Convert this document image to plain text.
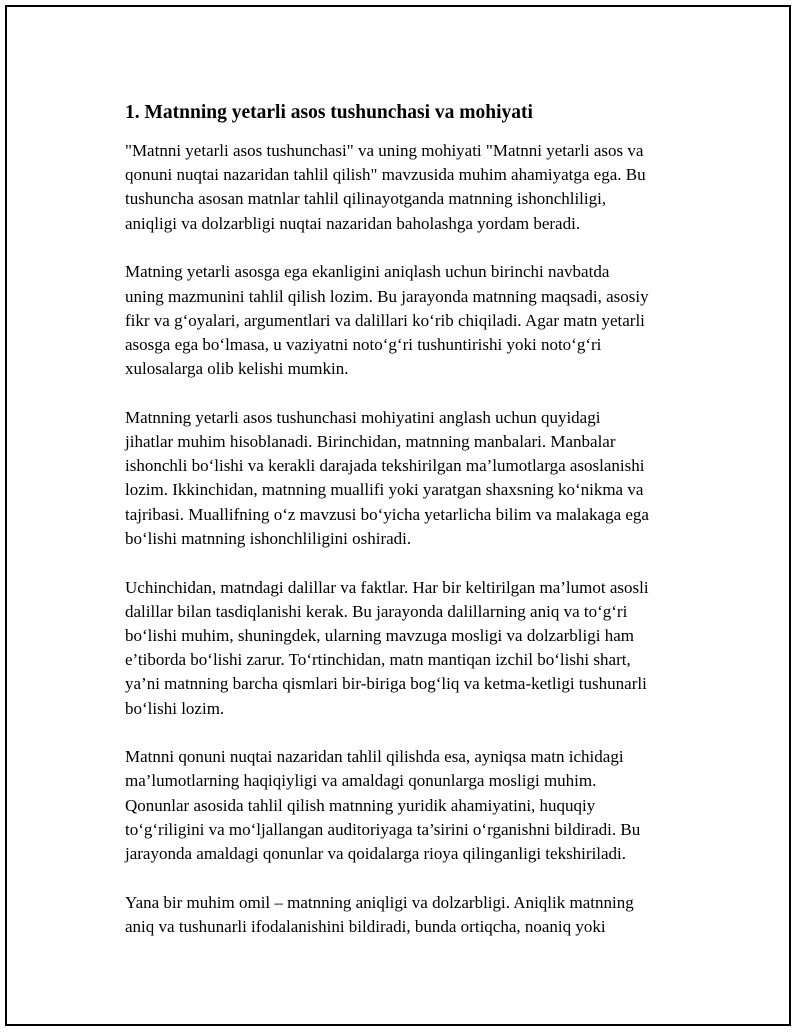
1. Matnning yetarli asos tushunchasi va mohiyati
"Matnni yetarli asos tushunchasi" va uning mohiyati "Matnni yetarli asos va
qonuni nuqtai nazaridan tahlil qilish" mavzusida muhim ahamiyatga ega. Bu
tushuncha asosan matnlar tahlil qilinayotganda matnning ishonchliligi,
aniqligi va dolzarbligi nuqtai nazaridan baholashga yordam beradi.
Matning yetarli asosga ega ekanligini aniqlash uchun birinchi navbatda
uning mazmunini tahlil qilish lozim. Bu jarayonda matnning maqsadi, asosiy
fikr va g‘oyalari, argumentlari va dalillari ko‘rib chiqiladi. Agar matn yetarli
asosga ega bo‘lmasa, u vaziyatni noto‘g‘ri tushuntirishi yoki noto‘g‘ri
xulosalarga olib kelishi mumkin.
Matnning yetarli asos tushunchasi mohiyatini anglash uchun quyidagi
jihatlar muhim hisoblanadi. Birinchidan, matnning manbalari. Manbalar
ishonchli bo‘lishi va kerakli darajada tekshirilgan ma’lumotlarga asoslanishi
lozim. Ikkinchidan, matnning muallifi yoki yaratgan shaxsning ko‘nikma va
tajribasi. Muallifning o‘z mavzusi bo‘yicha yetarlicha bilim va malakaga ega
bo‘lishi matnning ishonchliligini oshiradi.
Uchinchidan, matndagi dalillar va faktlar. Har bir keltirilgan ma’lumot asosli
dalillar bilan tasdiqlanishi kerak. Bu jarayonda dalillarning aniq va to‘g‘ri
bo‘lishi muhim, shuningdek, ularning mavzuga mosligi va dolzarbligi ham
e’tiborda bo‘lishi zarur. To‘rtinchidan, matn mantiqan izchil bo‘lishi shart,
ya’ni matnning barcha qismlari bir-biriga bog‘liq va ketma-ketligi tushunarli
bo‘lishi lozim.
Matnni qonuni nuqtai nazaridan tahlil qilishda esa, ayniqsa matn ichidagi
ma’lumotlarning haqiqiyligi va amaldagi qonunlarga mosligi muhim.
Qonunlar asosida tahlil qilish matnning yuridik ahamiyatini, huquqiy
to‘g‘riligini va mo‘ljallangan auditoriyaga ta’sirini o‘rganishni bildiradi. Bu
jarayonda amaldagi qonunlar va qoidalarga rioya qilinganligi tekshiriladi.
Yana bir muhim omil – matnning aniqligi va dolzarbligi. Aniqlik matnning
aniq va tushunarli ifodalanishini bildiradi, bunda ortiqcha, noaniq yoki
